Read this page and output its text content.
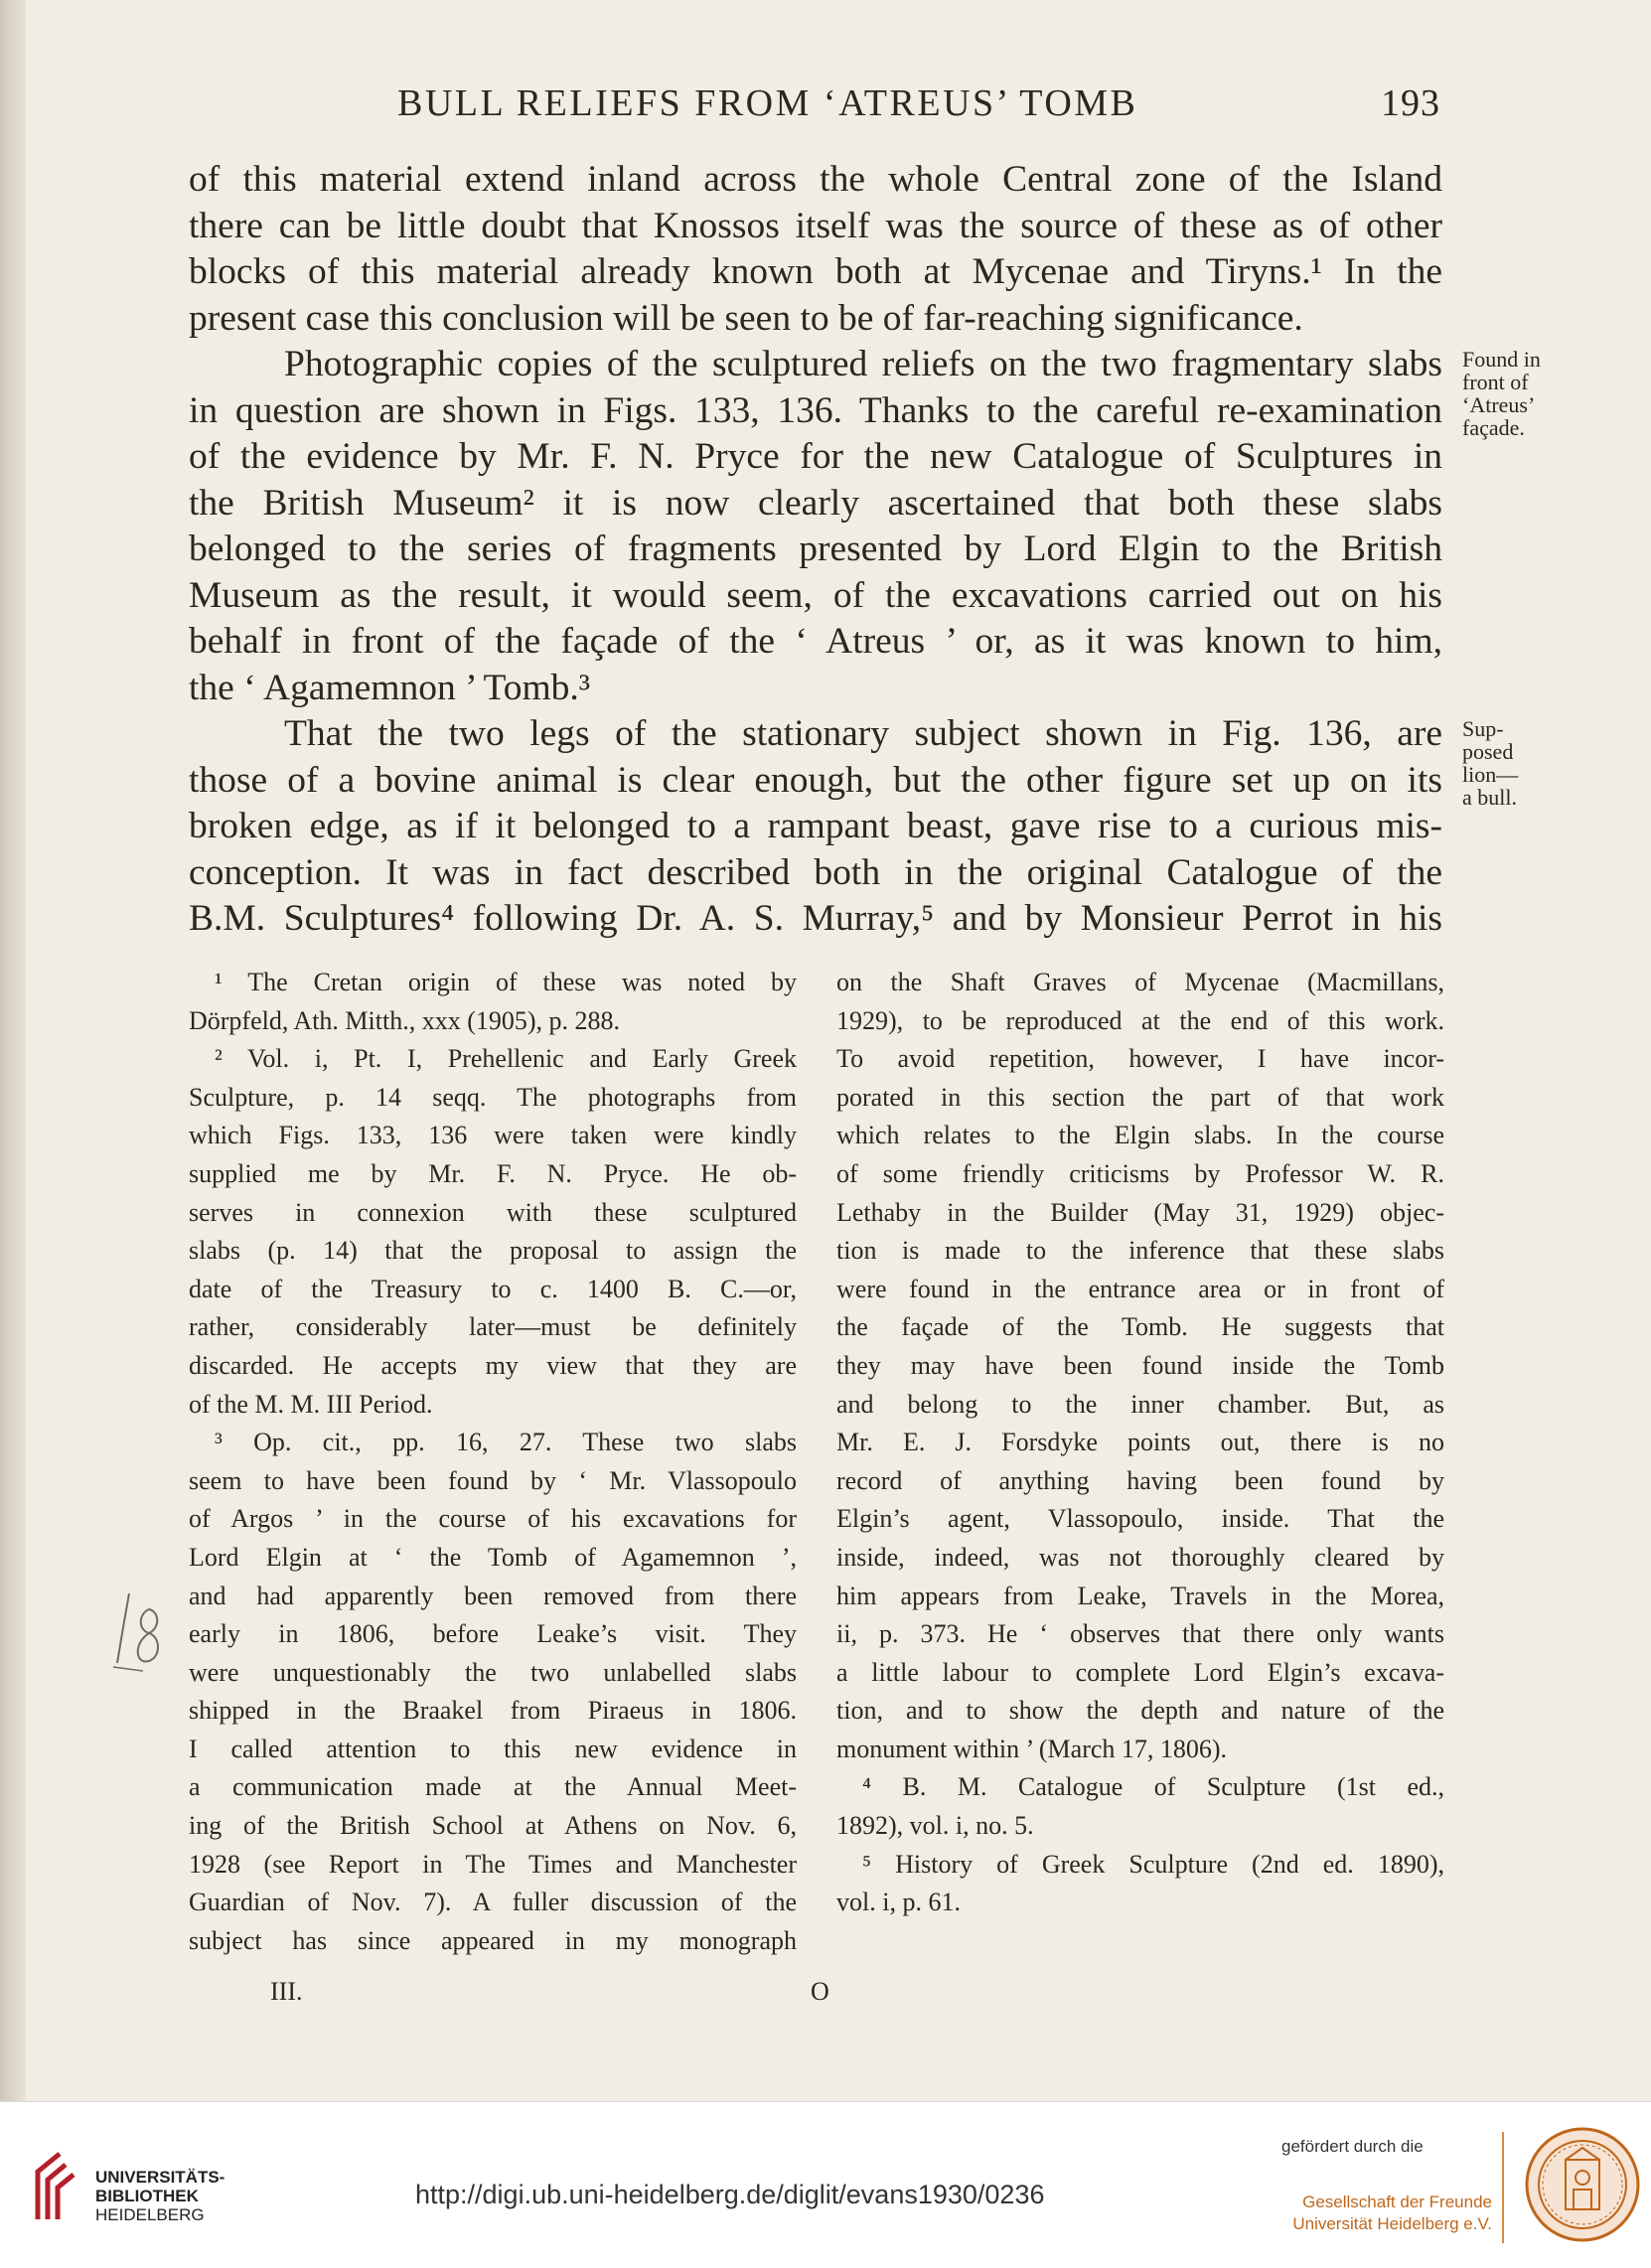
BULL RELIEFS FROM ‘ATREUS’ TOMB	193
of this material extend inland across the whole Central zone of the Island
there can be little doubt that Knossos itself was the source of these as of other
blocks of this material already known both at Mycenae and Tiryns.¹ In the
present case this conclusion will be seen to be of far-reaching significance.
Photographic copies of the sculptured reliefs on the two fragmentary slabs
in question are shown in Figs. 133, 136. Thanks to the careful re-examination
of the evidence by Mr. F. N. Pryce for the new Catalogue of Sculptures in
the British Museum² it is now clearly ascertained that both these slabs
belonged to the series of fragments presented by Lord Elgin to the British
Museum as the result, it would seem, of the excavations carried out on his
behalf in front of the façade of the ‘ Atreus ’ or, as it was known to him,
the ‘ Agamemnon ’ Tomb.³
That the two legs of the stationary subject shown in Fig. 136, are
those of a bovine animal is clear enough, but the other figure set up on its
broken edge, as if it belonged to a rampant beast, gave rise to a curious mis-
conception. It was in fact described both in the original Catalogue of the
B.M. Sculptures⁴ following Dr. A. S. Murray,⁵ and by Monsieur Perrot in his
Found in
front of
‘Atreus’
façade.
Sup-
posed
lion—
a bull.
¹ The Cretan origin of these was noted by
Dörpfeld, Ath. Mitth., xxx (1905), p. 288.
² Vol. i, Pt. I, Prehellenic and Early Greek
Sculpture, p. 14 seqq. The photographs from
which Figs. 133, 136 were taken were kindly
supplied me by Mr. F. N. Pryce. He ob-
serves in connexion with these sculptured
slabs (p. 14) that the proposal to assign the
date of the Treasury to c. 1400 B. C.—or,
rather, considerably later—must be definitely
discarded. He accepts my view that they are
of the M. M. III Period.
³ Op. cit., pp. 16, 27. These two slabs
seem to have been found by ‘ Mr. Vlassopoulo
of Argos ’ in the course of his excavations for
Lord Elgin at ‘ the Tomb of Agamemnon ’,
and had apparently been removed from there
early in 1806, before Leake’s visit. They
were unquestionably the two unlabelled slabs
shipped in the Braakel from Piraeus in 1806.
I called attention to this new evidence in
a communication made at the Annual Meet-
ing of the British School at Athens on Nov. 6,
1928 (see Report in The Times and Manchester
Guardian of Nov. 7). A fuller discussion of the
subject has since appeared in my monograph
on the Shaft Graves of Mycenae (Macmillans,
1929), to be reproduced at the end of this work.
To avoid repetition, however, I have incor-
porated in this section the part of that work
which relates to the Elgin slabs. In the course
of some friendly criticisms by Professor W. R.
Lethaby in the Builder (May 31, 1929) objec-
tion is made to the inference that these slabs
were found in the entrance area or in front of
the façade of the Tomb. He suggests that
they may have been found inside the Tomb
and belong to the inner chamber. But, as
Mr. E. J. Forsdyke points out, there is no
record of anything having been found by
Elgin’s agent, Vlassopoulo, inside. That the
inside, indeed, was not thoroughly cleared by
him appears from Leake, Travels in the Morea,
ii, p. 373. He ‘ observes that there only wants
a little labour to complete Lord Elgin’s excava-
tion, and to show the depth and nature of the
monument within ’ (March 17, 1806).
⁴ B. M. Catalogue of Sculpture (1st ed.,
1892), vol. i, no. 5.
⁵ History of Greek Sculpture (2nd ed. 1890),
vol. i, p. 61.
III.	O
UNIVERSITÄTS-
BIBLIOTHEK
HEIDELBERG
http://digi.ub.uni-heidelberg.de/diglit/evans1930/0236
gefördert durch die
Gesellschaft der Freunde
Universität Heidelberg e.V.
